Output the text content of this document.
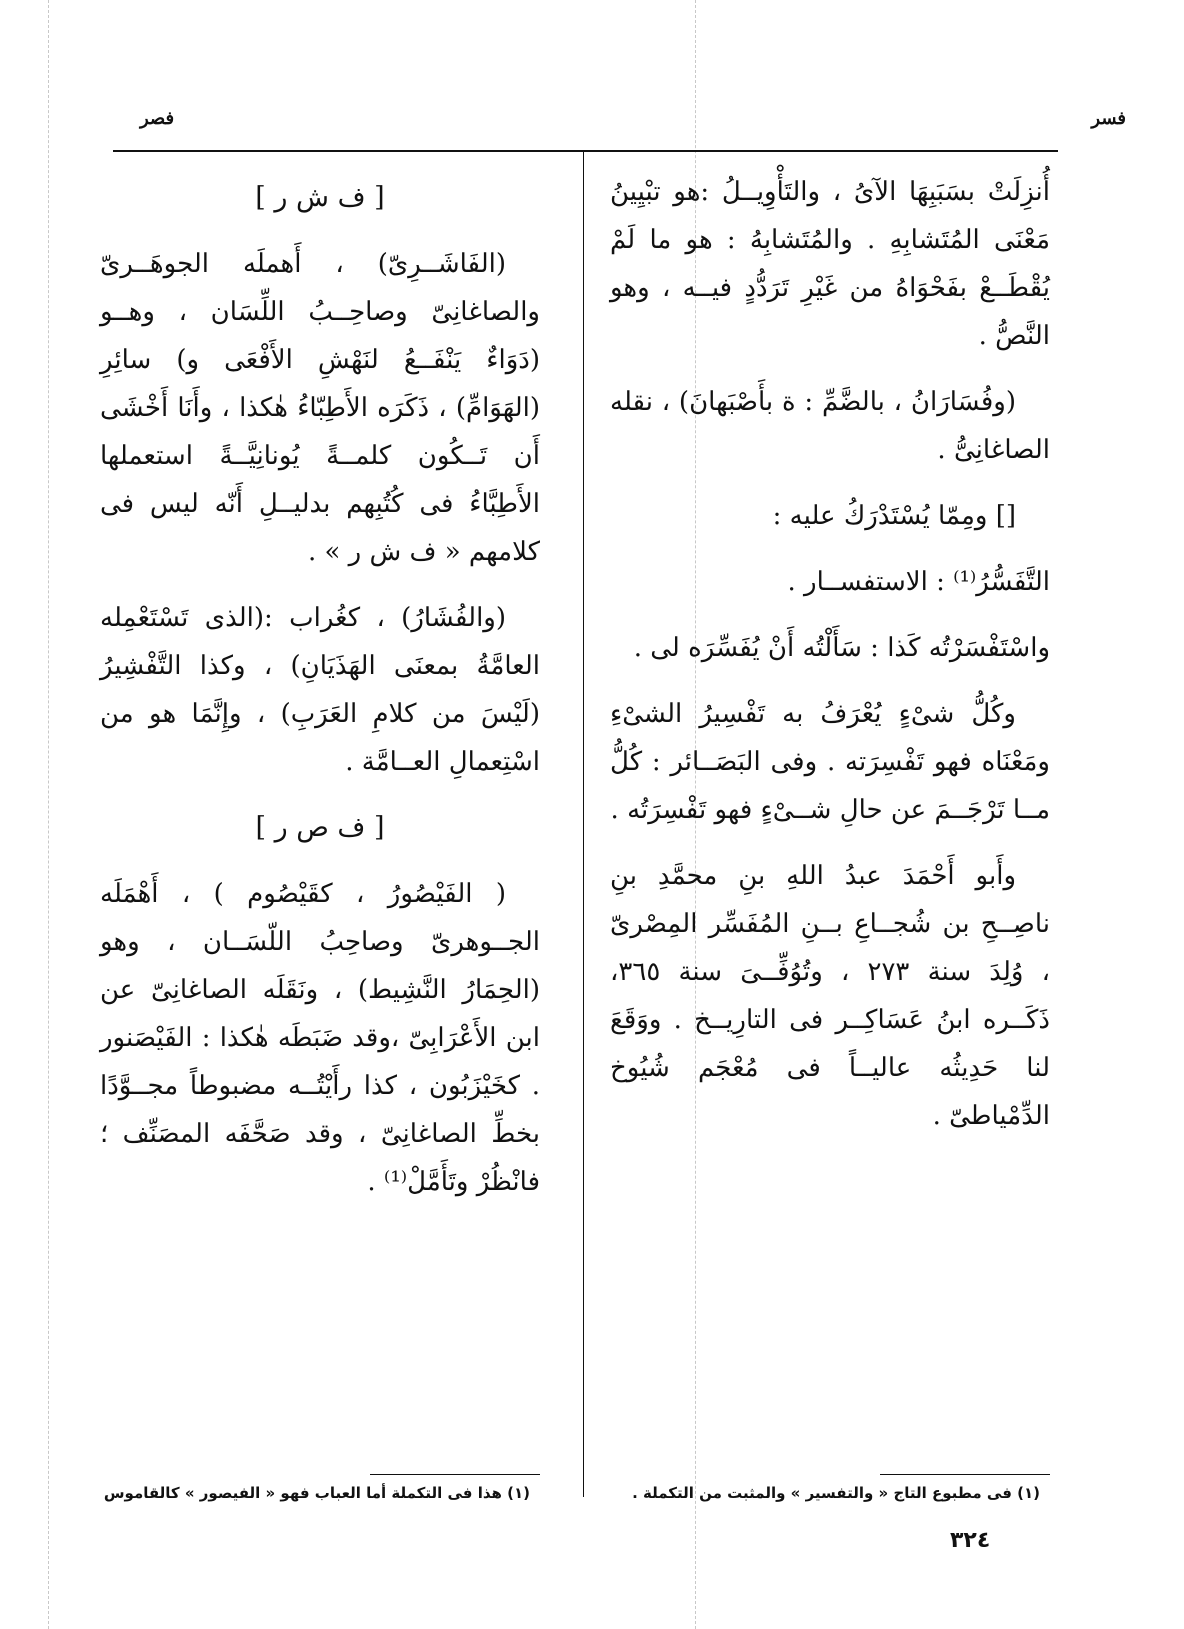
فسر
فصر

أُنزِلَتْ بسَبَبِهَا الآىُ ، والتَأْوِيــلُ :هو تبْيِينُ مَعْنَى المُتَشابِهِ . والمُتَشابِهُ : هو ما لَمْ يُقْطَــعْ بفَحْوَاهُ من غَيْرِ تَرَدُّدٍ فيــه ، وهو النَّصُّ .

(وفُسَارَانُ ، بالضَّمِّ : ة بأَصْبَهانَ) ، نقله الصاغانِىُّ .

[] ومِمّا يُسْتَدْرَكُ عليه :

التَّفَسُّرُ⁽¹⁾ : الاستفســار .

واسْتَفْسَرْتُه كَذا : سَأَلْتُه أَنْ يُفَسِّرَه لى .

وكُلُّ شىْءٍ يُعْرَفُ به تَفْسِيرُ الشىْءِ ومَعْنَاه فهو تَفْسِرَته . وفى البَصَــائر : كُلُّ مــا تَرْجَــمَ عن حالِ شــىْءٍ فهو تَفْسِرَتُه .

وأَبو أَحْمَدَ عبدُ اللهِ بنِ محمَّدِ بنِ ناصِــحِ بن شُجــاعِ بــنِ المُفَسِّر المِصْرىّ ، وُلِدَ سنة ٢٧٣ ، وتُوُفِّــىَ سنة ٣٦٥، ذَكَــره ابنُ عَسَاكِــر فى التارِيــخ . ووَقَعَ لنا حَدِيثُه عاليــاً فى مُعْجَم شُيُوخ الدِّمْياطىّ .

[ ف ش ر ]

(الفَاشَــرِىّ) ، أَهملَه الجوهَــرىّ والصاغانِىّ وصاحِــبُ اللِّسَان ، وهــو (دَوَاءٌ يَنْفَــعُ لنَهْشِ الأَفْعَى و) سائِرِ (الهَوَامِّ) ، ذَكَرَه الأَطِبّاءُ هٰكذا ، وأَنَا أَخْشَى أَن تَــكُون كلمــةً يُونانِيَّــةً استعملها الأَطِبَّاءُ فى كُتُبِهم بدليــلِ أَنّه ليس فى كلامهم « ف ش ر » .

(والفُشَارُ) ، كغُراب :(الذى تَسْتَعْمِله العامَّةُ بمعنَى الهَذَيَانِ) ، وكذا التَّفْشِيرُ (لَيْسَ من كلامِ العَرَبِ) ، وإِنَّمَا هو من اسْتِعمالِ العــامَّة .

[ ف ص ر ]

( الفَيْصُورُ ، كقَيْصُوم ) ، أَهْمَلَه الجــوهرىّ وصاحِبُ اللّسَــان ، وهو (الحِمَارُ النَّشِيط) ، ونَقَلَه الصاغانِىّ عن ابن الأَعْرَابِىّ ،وقد ضَبَطَه هٰكذا : الفَيْصَنور . كخَيْزَبُون ، كذا رأَيْتُــه مضبوطاً مجــوَّدًا بخطِّ الصاغانِىّ ، وقد صَحَّفَه المصَنِّف ؛ فانْظُرْ وتَأَمَّلْ⁽¹⁾ .

(١) فى مطبوع التاج « والتفسير » والمثبت من التكملة .
(١) هذا فى التكملة أما العباب فهو « الفيصور » كالقاموس
٣٢٤
